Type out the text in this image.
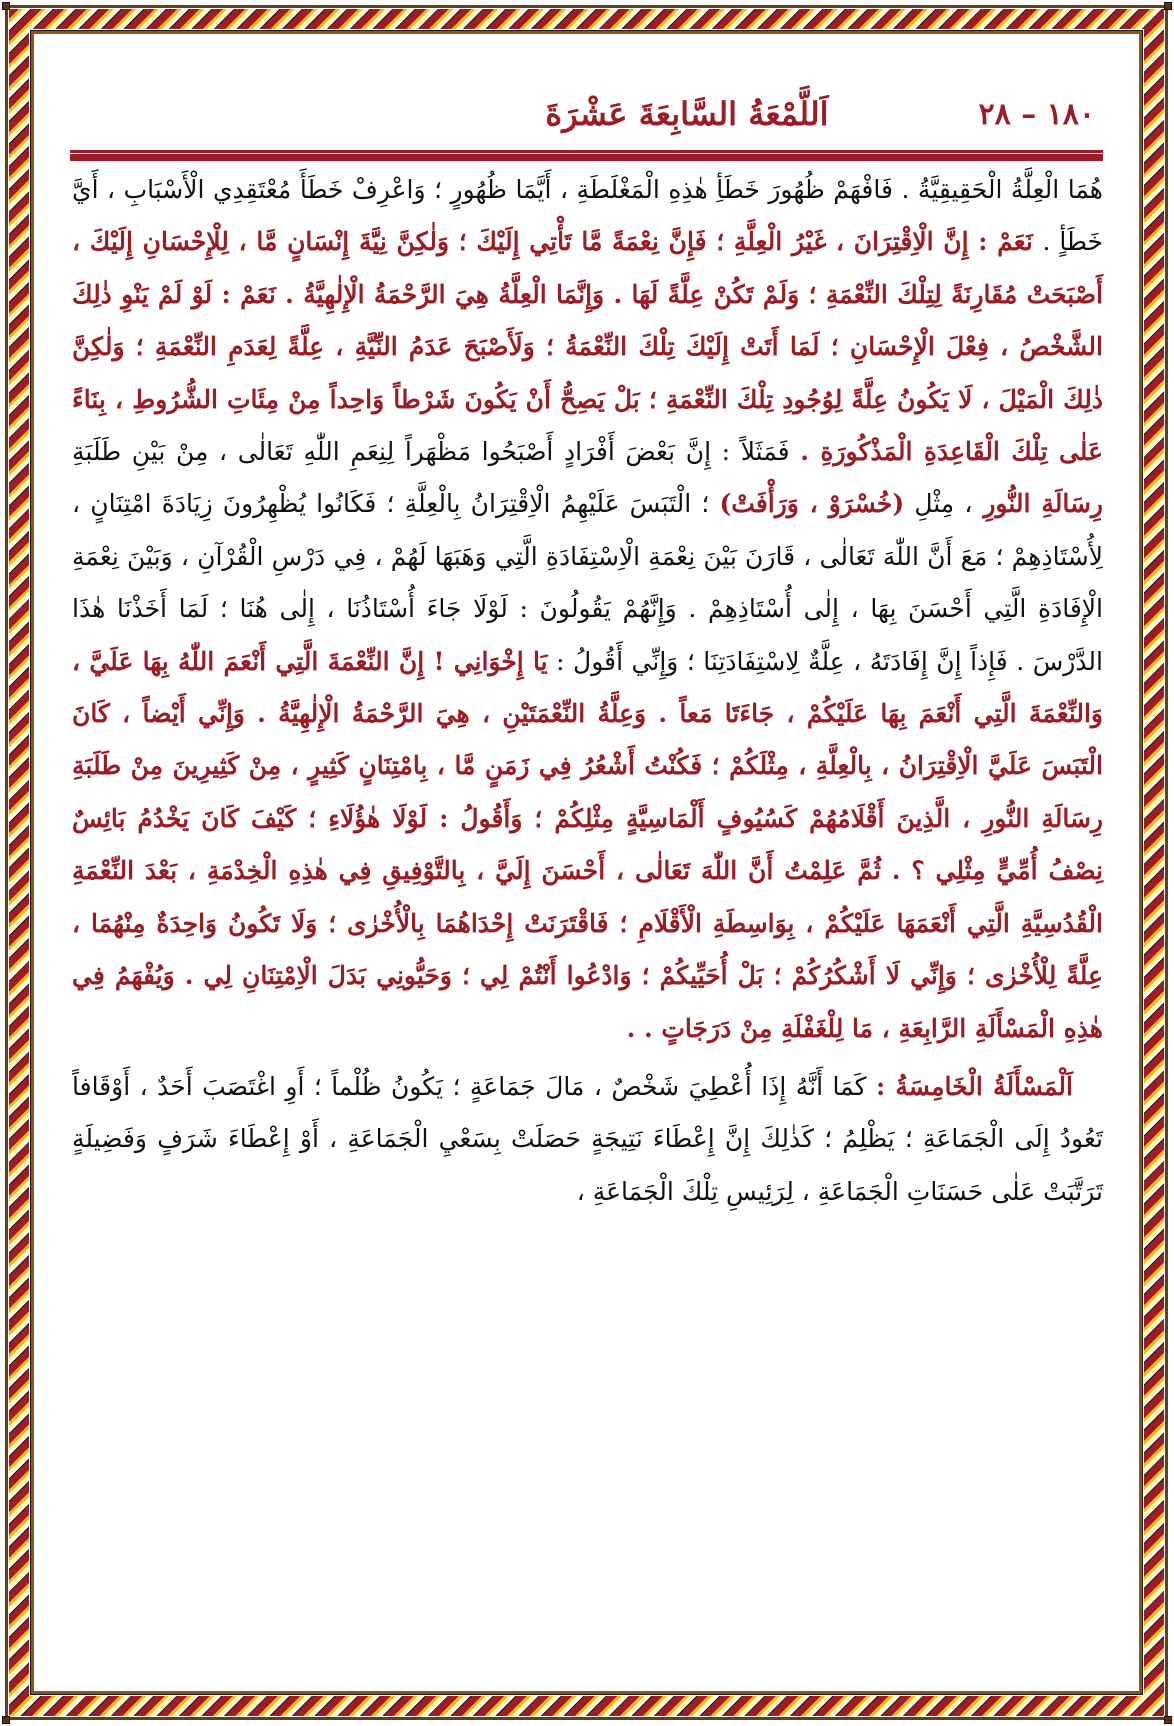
١٨٠ – ٢٨
اَللَّمْعَةُ السَّابِعَةَ عَشْرَةَ

هُمَا الْعِلَّةُ الْحَقِيقِيَّةُ . فَافْهَمْ ظُهُورَ خَطَأِ هٰذِهِ الْمَغْلَطَةِ ، أَيَّمَا ظُهُورٍ ؛ وَاعْرِفْ خَطَأَ مُعْتَقِدِي الْأَسْبَابِ ، أَيَّ خَطَأٍ . نَعَمْ : إِنَّ الْاِقْتِرَانَ ، غَيْرُ الْعِلَّةِ ؛ فَإِنَّ نِعْمَةً مَّا تَأْتِي إِلَيْكَ ؛ وَلٰكِنَّ نِيَّةَ إِنْسَانٍ مَّا ، لِلْإِحْسَانِ إِلَيْكَ ، أَصْبَحَتْ مُقَارِنَةً لِتِلْكَ النِّعْمَةِ ؛ وَلَمْ تَكُنْ عِلَّةً لَهَا . وَإِنَّمَا الْعِلَّةُ هِيَ الرَّحْمَةُ الْإِلٰهِيَّةُ . نَعَمْ : لَوْ لَمْ يَنْوِ ذٰلِكَ الشَّخْصُ ، فِعْلَ الْإِحْسَانِ ؛ لَمَا أَتَتْ إِلَيْكَ تِلْكَ النِّعْمَةُ ؛ وَلَأَصْبَحَ عَدَمُ النِّيَّةِ ، عِلَّةً لِعَدَمِ النِّعْمَةِ ؛ وَلٰكِنَّ ذٰلِكَ الْمَيْلَ ، لَا يَكُونُ عِلَّةً لِوُجُودِ تِلْكَ النِّعْمَةِ ؛ بَلْ يَصِحُّ أَنْ يَكُونَ شَرْطاً وَاحِداً مِنْ مِئَاتِ الشُّرُوطِ ، بِنَاءً عَلٰى تِلْكَ الْقَاعِدَةِ الْمَذْكُورَةِ . فَمَثَلاً : إِنَّ بَعْضَ أَفْرَادٍ أَصْبَحُوا مَظْهَراً لِنِعَمِ اللّٰهِ تَعَالٰى ، مِنْ بَيْنِ طَلَبَةِ رِسَالَةِ النُّورِ ، مِثْلِ (خُسْرَوْ ، وَرَأْفَتْ) ؛ الْتَبَسَ عَلَيْهِمُ الْاِقْتِرَانُ بِالْعِلَّةِ ؛ فَكَانُوا يُظْهِرُونَ زِيَادَةَ امْتِنَانٍ ، لِأُسْتَاذِهِمْ ؛ مَعَ أَنَّ اللّٰهَ تَعَالٰى ، قَارَنَ بَيْنَ نِعْمَةِ الْاِسْتِفَادَةِ الَّتِي وَهَبَهَا لَهُمْ ، فِي دَرْسِ الْقُرْآنِ ، وَبَيْنَ نِعْمَةِ الْإِفَادَةِ الَّتِي أَحْسَنَ بِهَا ، إِلٰى أُسْتَاذِهِمْ . وَإِنَّهُمْ يَقُولُونَ : لَوْلَا جَاءَ أُسْتَاذُنَا ، إِلٰى هُنَا ؛ لَمَا أَخَذْنَا هٰذَا الدَّرْسَ . فَإِذاً إِنَّ إِفَادَتَهُ ، عِلَّةٌ لِاسْتِفَادَتِنَا ؛ وَإِنِّي أَقُولُ : يَا إِخْوَانِي ! إِنَّ النِّعْمَةَ الَّتِي أَنْعَمَ اللّٰهُ بِهَا عَلَيَّ ، وَالنِّعْمَةَ الَّتِي أَنْعَمَ بِهَا عَلَيْكُمْ ، جَاءَتَا مَعاً . وَعِلَّةُ النِّعْمَتَيْنِ ، هِيَ الرَّحْمَةُ الْإِلٰهِيَّةُ . وَإِنِّي أَيْضاً ، كَانَ الْتَبَسَ عَلَيَّ الْاِقْتِرَانُ ، بِالْعِلَّةِ ، مِثْلَكُمْ ؛ فَكُنْتُ أَشْعُرُ فِي زَمَنٍ مَّا ، بِامْتِنَانٍ كَثِيرٍ ، مِنْ كَثِيرِينَ مِنْ طَلَبَةِ رِسَالَةِ النُّورِ ، الَّذِينَ أَقْلَامُهُمْ كَسُيُوفٍ أَلْمَاسِيَّةٍ مِثْلِكُمْ ؛ وَأَقُولُ : لَوْلَا هٰؤُلَاءِ ؛ كَيْفَ كَانَ يَخْدُمُ بَائِسٌ نِصْفُ أُمِّيٍّ مِثْلِي ؟ . ثُمَّ عَلِمْتُ أَنَّ اللّٰهَ تَعَالٰى ، أَحْسَنَ إِلَيَّ ، بِالتَّوْفِيقِ فِي هٰذِهِ الْخِدْمَةِ ، بَعْدَ النِّعْمَةِ الْقُدُسِيَّةِ الَّتِي أَنْعَمَهَا عَلَيْكُمْ ، بِوَاسِطَةِ الْأَقْلَامِ ؛ فَاقْتَرَنَتْ إِحْدَاهُمَا بِالْأُخْرٰى ؛ وَلَا تَكُونُ وَاحِدَةٌ مِنْهُمَا ، عِلَّةً لِلْأُخْرٰى ؛ وَإِنِّي لَا أَشْكُرُكُمْ ؛ بَلْ أُحَيِّيكُمْ ؛ وَادْعُوا أَنْتُمْ لِي ؛ وَحَيُّونِي بَدَلَ الْاِمْتِنَانِ لِي . وَيُفْهَمُ فِي هٰذِهِ الْمَسْأَلَةِ الرَّابِعَةِ ، مَا لِلْغَفْلَةِ مِنْ دَرَجَاتٍ . .

اَلْمَسْأَلَةُ الْخَامِسَةُ : كَمَا أَنَّهُ إِذَا أُعْطِيَ شَخْصٌ ، مَالَ جَمَاعَةٍ ؛ يَكُونُ ظُلْماً ؛ أَوِ اغْتَصَبَ أَحَدٌ ، أَوْقَافاً تَعُودُ إِلَى الْجَمَاعَةِ ؛ يَظْلِمُ ؛ كَذٰلِكَ إِنَّ إِعْطَاءَ نَتِيجَةٍ حَصَلَتْ بِسَعْيِ الْجَمَاعَةِ ، أَوْ إِعْطَاءَ شَرَفٍ وَفَضِيلَةٍ تَرَتَّبَتْ عَلٰى حَسَنَاتِ الْجَمَاعَةِ ، لِرَئِيسِ تِلْكَ الْجَمَاعَةِ ،
